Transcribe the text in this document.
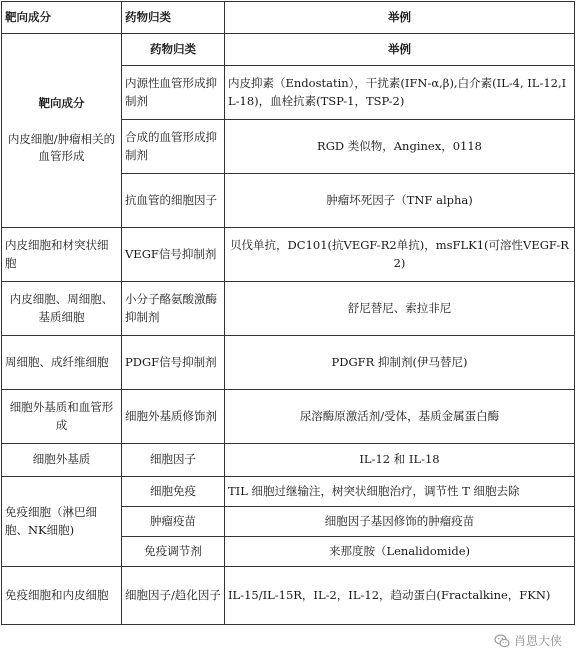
靶向成分	药物归类	举例
靶向成分

内皮细胞/肿瘤相关的血管形成	药物归类	举例
	内源性血管形成抑制剂	内皮抑素（Endostatin），干扰素(IFN-α,β),白介素(IL-4, IL-12,IL-18)，血栓抗素(TSP-1，TSP-2)
	合成的血管形成抑制剂	RGD 类似物，Anginex，0118
	抗血管的细胞因子	肿瘤坏死因子（TNF alpha)
内皮细胞和材突状细胞	VEGF信号抑制剂	贝伐单抗，DC101(抗VEGF-R2单抗)，msFLK1(可溶性VEGF-R2)
内皮细胞、周细胞、基质细胞	小分子酪氨酸激酶抑制剂	舒尼替尼、索拉非尼
周细胞、成纤维细胞	PDGF信号抑制剂	PDGFR 抑制剂(伊马替尼)
细胞外基质和血管形成	细胞外基质修饰剂	尿溶酶原激活剂/受体，基质金属蛋白酶
细胞外基质	细胞因子	IL-12 和 IL-18
免疫细胞（淋巴细胞、NK细胞)	细胞免疫	TIL 细胞过继输注，树突状细胞治疗，调节性 T 细胞去除
	肿瘤疫苗	细胞因子基因修饰的肿瘤疫苗
	免疫调节剂	来那度胺（Lenalidomide)
免疫细胞和内皮细胞	细胞因子/趋化因子	IL-15/IL-15R，IL-2，IL-12，趋动蛋白(Fractalkine，FKN)
肖恩大侠
